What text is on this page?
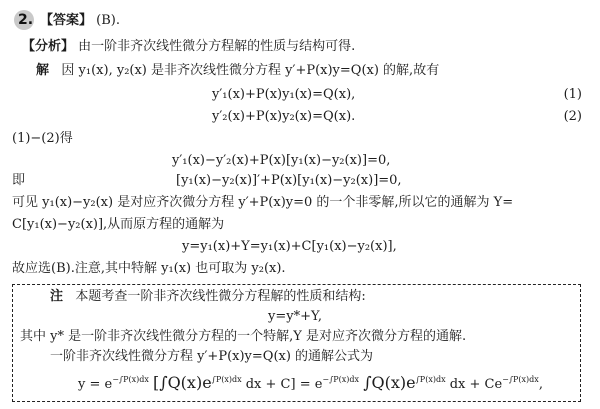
2. 【答案】 (B).
【分析】 由一阶非齐次线性微分方程解的性质与结构可得.
解 因 y₁(x), y₂(x) 是非齐次线性微分方程 y′+P(x)y=Q(x) 的解,故有
y′₁(x)+P(x)y₁(x)=Q(x),	(1)
y′₂(x)+P(x)y₂(x)=Q(x).	(2)
(1)−(2)得
y′₁(x)−y′₂(x)+P(x)[y₁(x)−y₂(x)]=0,
即	[y₁(x)−y₂(x)]′+P(x)[y₁(x)−y₂(x)]=0,
可见 y₁(x)−y₂(x) 是对应齐次微分方程 y′+P(x)y=0 的一个非零解,所以它的通解为 Y=
C[y₁(x)−y₂(x)],从而原方程的通解为
y=y₁(x)+Y=y₁(x)+C[y₁(x)−y₂(x)],
故应选(B).注意,其中特解 y₁(x) 也可取为 y₂(x).
注 本题考查一阶非齐次线性微分方程解的性质和结构:
y=y*+Y,
其中 y* 是一阶非齐次线性微分方程的一个特解,Y 是对应齐次微分方程的通解.
一阶非齐次线性微分方程 y′+P(x)y=Q(x) 的通解公式为
$y = e^{-\int P(x)dx}$ [$\int Q(x)e^{\int P(x)dx}$ dx + $C] = e^{-\int P(x)dx}$ $\int Q(x)e^{\int P(x)dx}$ dx + $Ce^{-\int P(x)dx}$,
